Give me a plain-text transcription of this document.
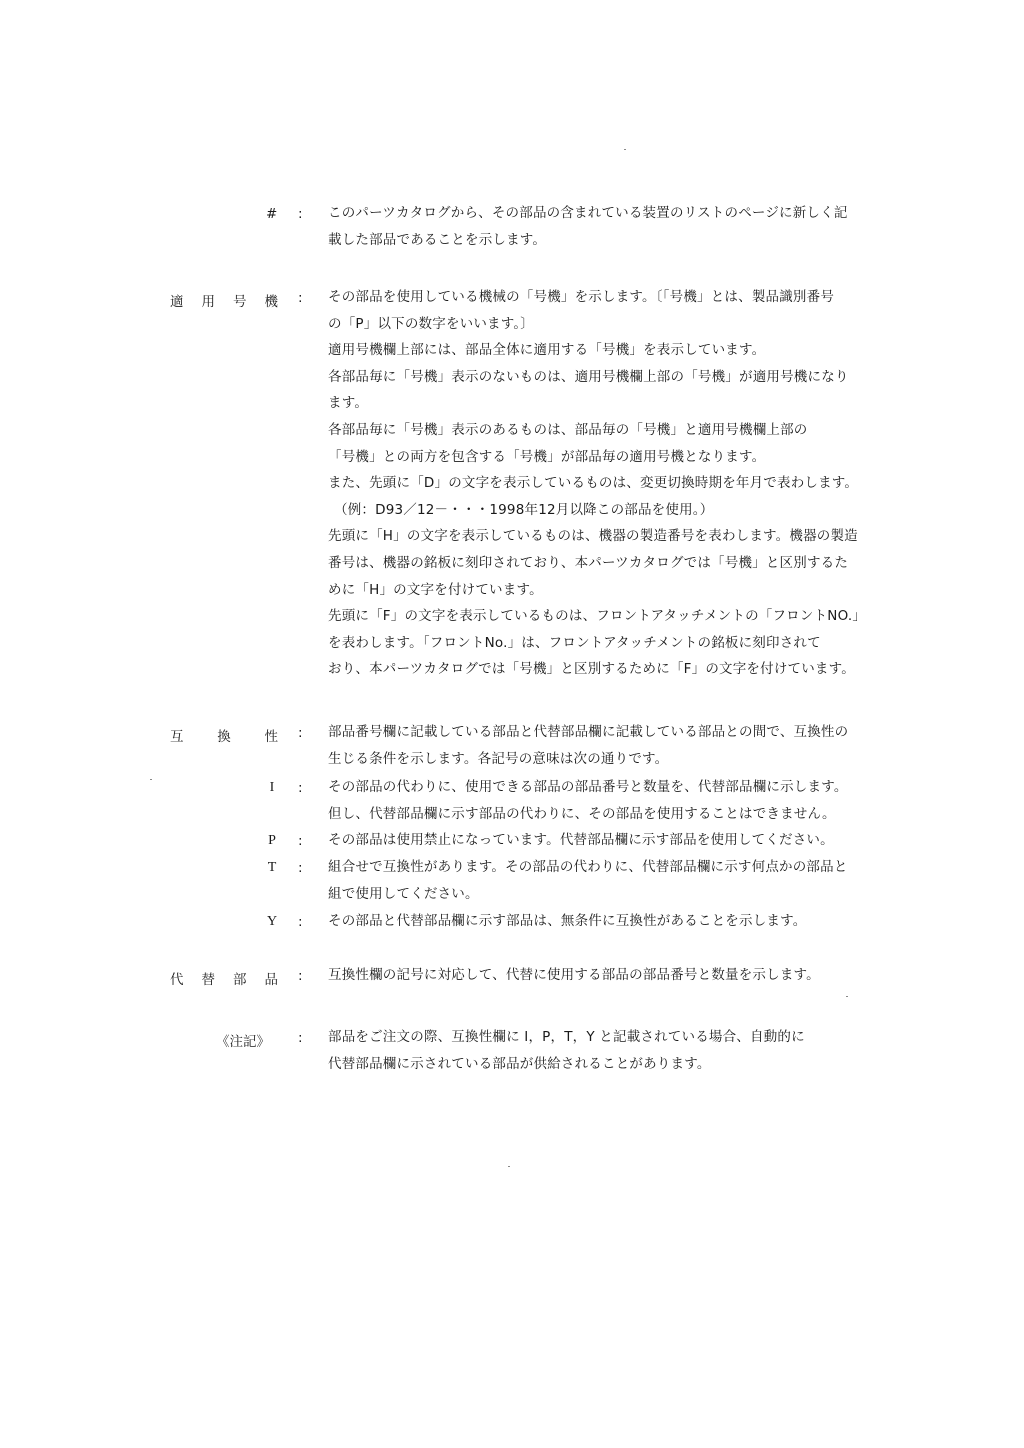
# : このパーツカタログから、その部品の含まれている装置のリストのページに新しく記
載した部品であることを示します。
適 用 号 機 : その部品を使用している機械の「号機」を示します。〔「号機」とは、製品識別番号
の「P」以下の数字をいいます。〕
適用号機欄上部には、部品全体に適用する「号機」を表示しています。
各部品毎に「号機」表示のないものは、適用号機欄上部の「号機」が適用号機になり
ます。
各部品毎に「号機」表示のあるものは、部品毎の「号機」と適用号機欄上部の
「号機」との両方を包含する「号機」が部品毎の適用号機となります。
また、先頭に「D」の文字を表示しているものは、変更切換時期を年月で表わします。
（例：D93／12－・・・1998年12月以降この部品を使用。）
先頭に「H」の文字を表示しているものは、機器の製造番号を表わします。機器の製造
番号は、機器の銘板に刻印されており、本パーツカタログでは「号機」と区別するた
めに「H」の文字を付けています。
先頭に「F」の文字を表示しているものは、フロントアタッチメントの「フロントNO.」
を表わします。「フロントNo.」は、フロントアタッチメントの銘板に刻印されて
おり、本パーツカタログでは「号機」と区別するために「F」の文字を付けています。
互	換	性 : 部品番号欄に記載している部品と代替部品欄に記載している部品との間で、互換性の
生じる条件を示します。各記号の意味は次の通りです。
I : その部品の代わりに、使用できる部品の部品番号と数量を、代替部品欄に示します。
但し、代替部品欄に示す部品の代わりに、その部品を使用することはできません。
P : その部品は使用禁止になっています。代替部品欄に示す部品を使用してください。
T : 組合せで互換性があります。その部品の代わりに、代替部品欄に示す何点かの部品と
組で使用してください。
Y : その部品と代替部品欄に示す部品は、無条件に互換性があることを示します。
代 替 部 品 : 互換性欄の記号に対応して、代替に使用する部品の部品番号と数量を示します。
《注記》 : 部品をご注文の際、互換性欄に I，P，T，Y と記載されている場合、自動的に
代替部品欄に示されている部品が供給されることがあります。
